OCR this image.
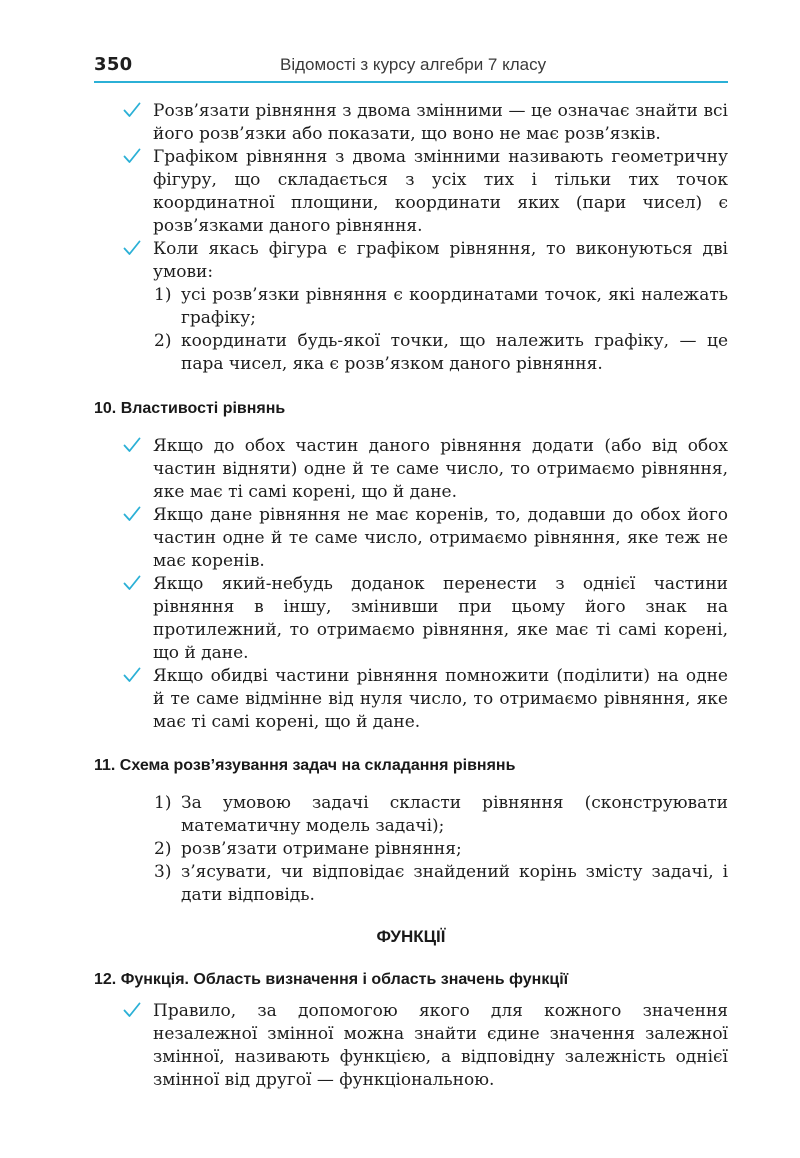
350	Відомості з курсу алгебри 7 класу
Розв’язати рівняння з двома змінними — це означає знайти всі його розв’язки або показати, що воно не має розв’язків.
Графіком рівняння з двома змінними називають геометричну фігуру, що складається з усіх тих і тільки тих точок координатної площини, координати яких (пари чисел) є розв’язками даного рівняння.
Коли якась фігура є графіком рівняння, то виконуються дві умови:
1) усі розв’язки рівняння є координатами точок, які належать графіку;
2) координати будь-якої точки, що належить графіку, — це пара чисел, яка є розв’язком даного рівняння.
10. Властивості рівнянь
Якщо до обох частин даного рівняння додати (або від обох частин відняти) одне й те саме число, то отримаємо рівняння, яке має ті самі корені, що й дане.
Якщо дане рівняння не має коренів, то, додавши до обох його частин одне й те саме число, отримаємо рівняння, яке теж не має коренів.
Якщо який-небудь доданок перенести з однієї частини рівняння в іншу, змінивши при цьому його знак на протилежний, то отримаємо рівняння, яке має ті самі корені, що й дане.
Якщо обидві частини рівняння помножити (поділити) на одне й те саме відмінне від нуля число, то отримаємо рівняння, яке має ті самі корені, що й дане.
11. Схема розв’язування задач на складання рівнянь
1) За умовою задачі скласти рівняння (сконструювати математичну модель задачі);
2) розв’язати отримане рівняння;
3) з’ясувати, чи відповідає знайдений корінь змісту задачі, і дати відповідь.
ФУНКЦІЇ
12. Функція. Область визначення і область значень функції
Правило, за допомогою якого для кожного значення незалежної змінної можна знайти єдине значення залежної змінної, називають функцією, а відповідну залежність однієї змінної від другої — функціональною.
